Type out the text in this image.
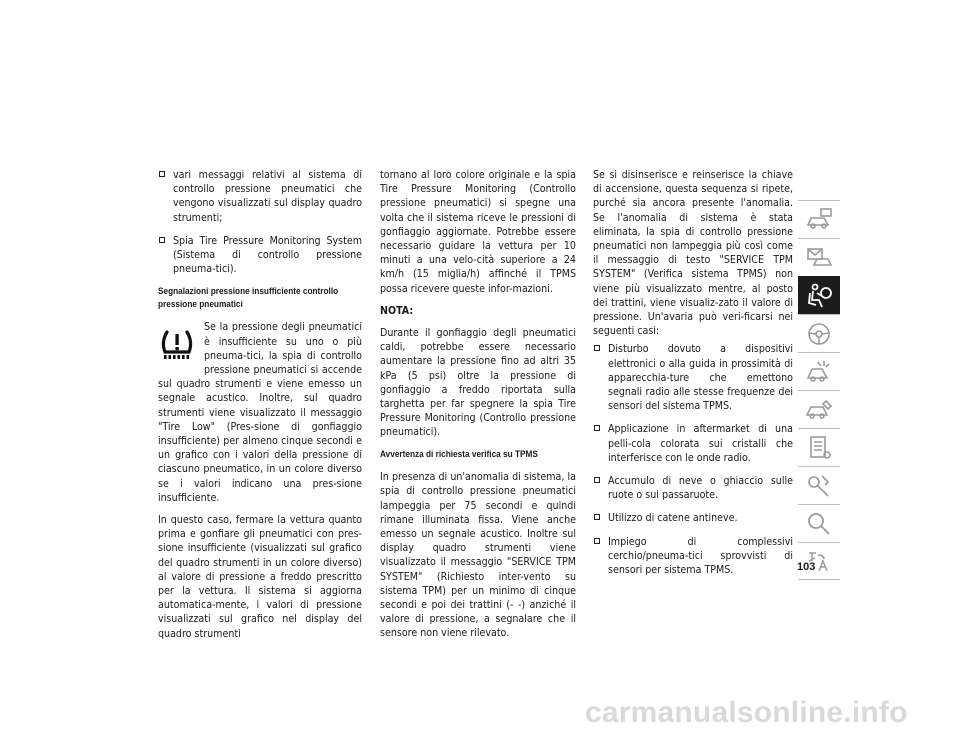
vari messaggi relativi al sistema di controllo pressione pneumatici che vengono visualizzati sul display quadro strumenti;
Spia Tire Pressure Monitoring System (Sistema di controllo pressione pneuma-tici).
Segnalazioni pressione insufficiente controllo pressione pneumatici

Se la pressione degli pneumatici è insufficiente su uno o più pneuma-tici, la spia di controllo pressione pneumatici si accende sul quadro strumenti e viene emesso un segnale acustico. Inoltre, sul quadro strumenti viene visualizzato il messaggio "Tire Low" (Pres-sione di gonfiaggio insufficiente) per almeno cinque secondi e un grafico con i valori della pressione di ciascuno pneumatico, in un colore diverso se i valori indicano una pres-sione insufficiente.

In questo caso, fermare la vettura quanto prima e gonfiare gli pneumatici con pres-sione insufficiente (visualizzati sul grafico del quadro strumenti in un colore diverso) al valore di pressione a freddo prescritto per la vettura. Il sistema si aggiorna automatica-mente, i valori di pressione visualizzati sul grafico nel display del quadro strumenti

tornano al loro colore originale e la spia Tire Pressure Monitoring (Controllo pressione pneumatici) si spegne una volta che il sistema riceve le pressioni di gonfiaggio aggiornate. Potrebbe essere necessario guidare la vettura per 10 minuti a una velo-cità superiore a 24 km/h (15 miglia/h) affinché il TPMS possa ricevere queste infor-mazioni.

NOTA:

Durante il gonfiaggio degli pneumatici caldi, potrebbe essere necessario aumentare la pressione fino ad altri 35 kPa (5 psi) oltre la pressione di gonfiaggio a freddo riportata sulla targhetta per far spegnere la spia Tire Pressure Monitoring (Controllo pressione pneumatici).

Avvertenza di richiesta verifica su TPMS

In presenza di un'anomalia di sistema, la spia di controllo pressione pneumatici lampeggia per 75 secondi e quindi rimane illuminata fissa. Viene anche emesso un segnale acustico. Inoltre sul display quadro strumenti viene visualizzato il messaggio "SERVICE TPM SYSTEM" (Richiesto inter-vento su sistema TPM) per un minimo di cinque secondi e poi dei trattini (- -) anziché il valore di pressione, a segnalare che il sensore non viene rilevato.

Se si disinserisce e reinserisce la chiave di accensione, questa sequenza si ripete, purché sia ancora presente l'anomalia. Se l'anomalia di sistema è stata eliminata, la spia di controllo pressione pneumatici non lampeggia più così come il messaggio di testo "SERVICE TPM SYSTEM" (Verifica sistema TPMS) non viene più visualizzato mentre, al posto dei trattini, viene visualiz-zato il valore di pressione. Un'avaria può veri-ficarsi nei seguenti casi:

Disturbo dovuto a dispositivi elettronici o alla guida in prossimità di apparecchia-ture che emettono segnali radio alle stesse frequenze dei sensori del sistema TPMS.
Applicazione in aftermarket di una pelli-cola colorata sui cristalli che interferisce con le onde radio.
Accumulo di neve o ghiaccio sulle ruote o sui passaruote.
Utilizzo di catene antineve.
Impiego di complessivi cerchio/pneuma-tici sprovvisti di sensori per sistema TPMS.	103
carmanualsonline.info
